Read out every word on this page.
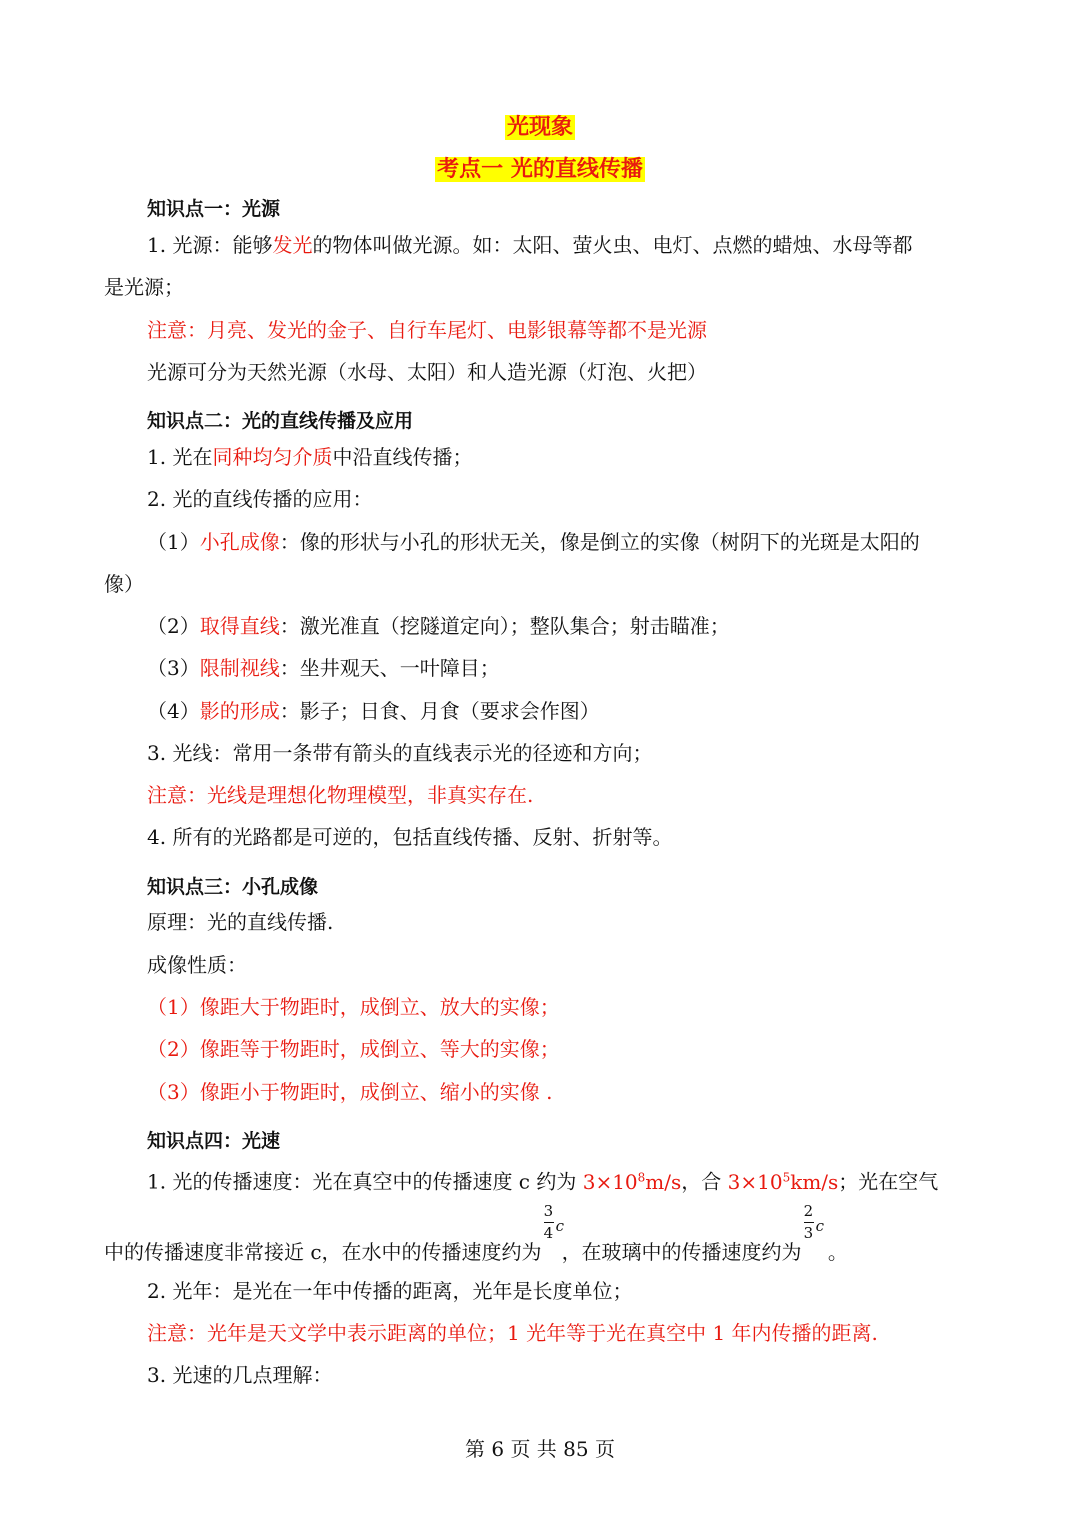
光现象
考点一 光的直线传播
知识点一：光源
1. 光源：能够发光的物体叫做光源。如：太阳、萤火虫、电灯、点燃的蜡烛、水母等都
是光源；
注意：月亮、发光的金子、自行车尾灯、电影银幕等都不是光源
光源可分为天然光源（水母、太阳）和人造光源（灯泡、火把）
知识点二：光的直线传播及应用
1. 光在同种均匀介质中沿直线传播；
2. 光的直线传播的应用：
（1）小孔成像：像的形状与小孔的形状无关，像是倒立的实像（树阴下的光斑是太阳的
像）
（2）取得直线：激光准直（挖隧道定向）；整队集合；射击瞄准；
（3）限制视线：坐井观天、一叶障目；
（4）影的形成：影子；日食、月食（要求会作图）
3. 光线：常用一条带有箭头的直线表示光的径迹和方向；
注意：光线是理想化物理模型，非真实存在.
4. 所有的光路都是可逆的，包括直线传播、反射、折射等。
知识点三：小孔成像
原理：光的直线传播.
成像性质：
（1）像距大于物距时，成倒立、放大的实像；
（2）像距等于物距时，成倒立、等大的实像；
（3）像距小于物距时，成倒立、缩小的实像 .
知识点四：光速
1. 光的传播速度：光在真空中的传播速度 c 约为 $3\times 10^8m/s$，合 $3\times 10^5km/s$；光在空气
中的传播速度非常接近 c，在水中的传播速度约为
3
4 c
，在玻璃中的传播速度约为
2
3 c
。
2. 光年：是光在一年中传播的距离，光年是长度单位；
注意：光年是天文学中表示距离的单位；1 光年等于光在真空中 1 年内传播的距离.
3. 光速的几点理解：
第 6 页 共 85 页
